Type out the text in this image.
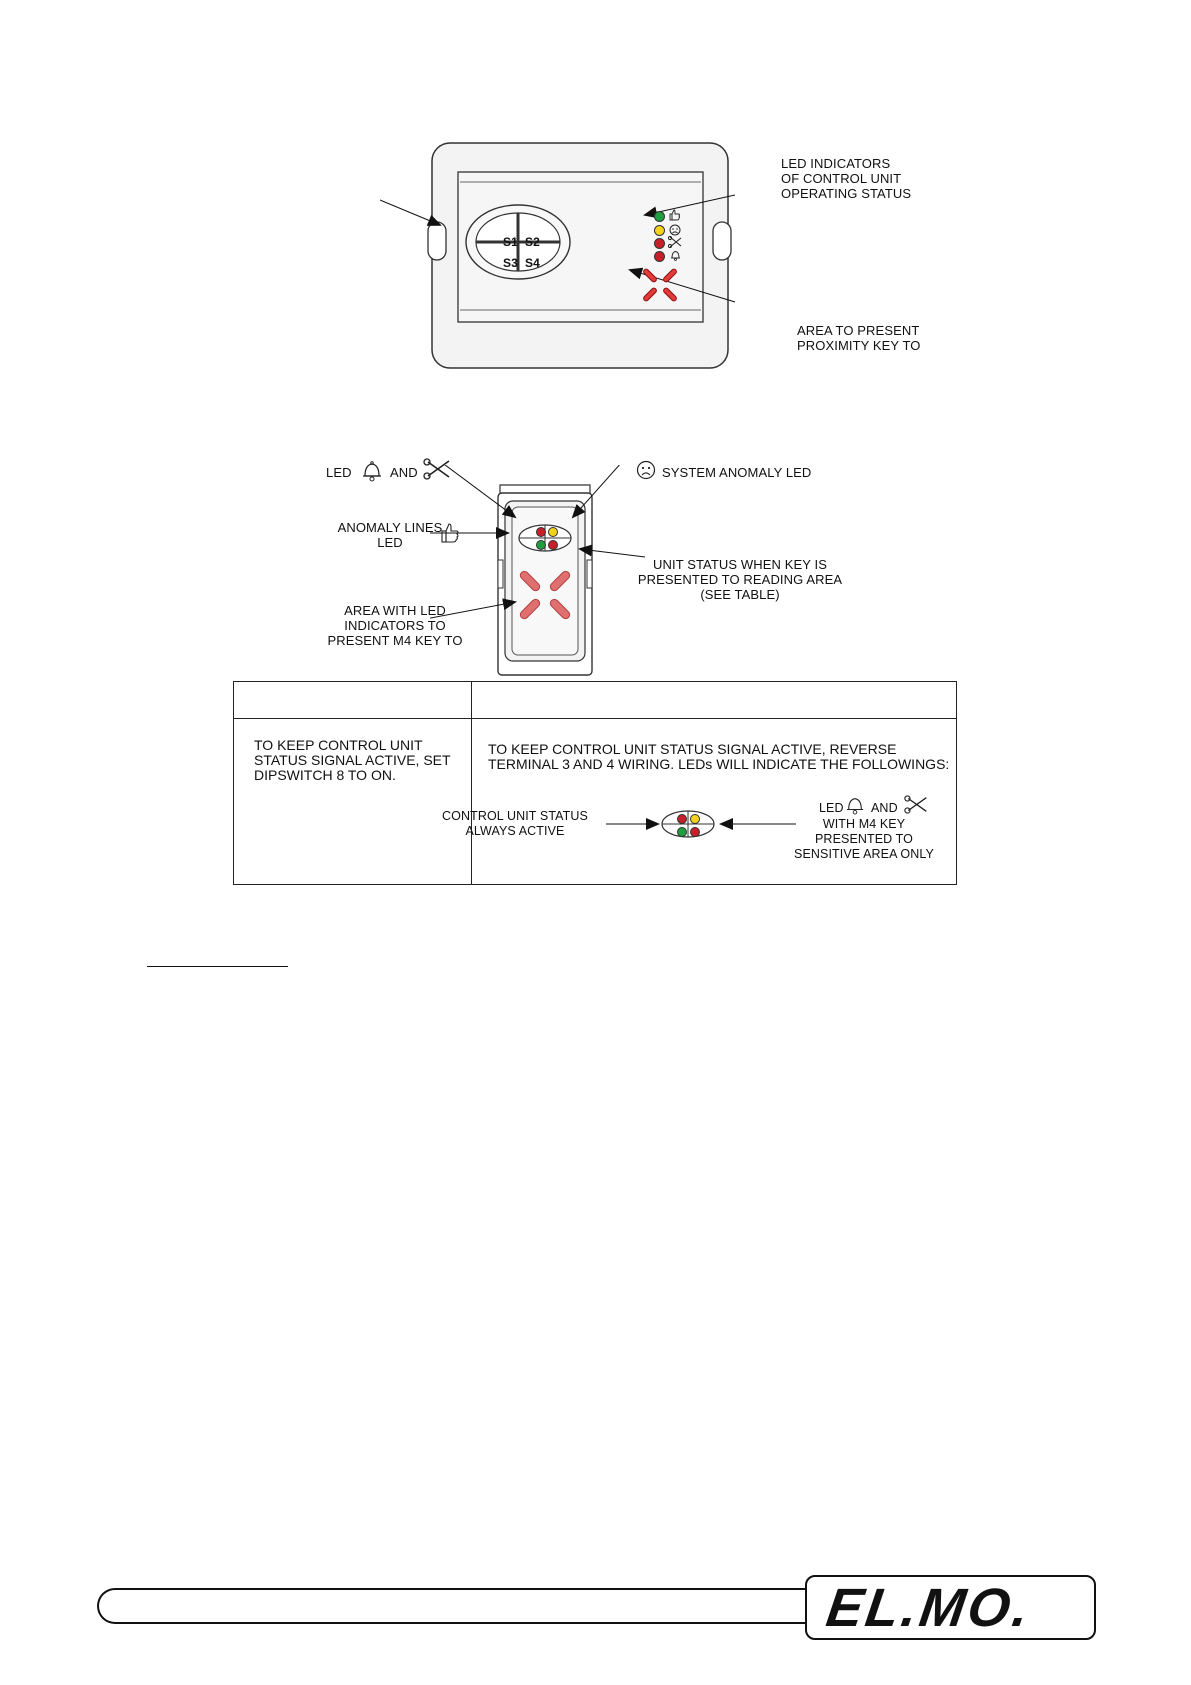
S1 S2
S3 S4
LED INDICATORS
OF CONTROL UNIT
OPERATING STATUS
AREA TO PRESENT
PROXIMITY KEY TO
LED	AND	SYSTEM ANOMALY LED
ANOMALY LINES
LED
UNIT STATUS WHEN KEY IS
PRESENTED TO READING AREA
(SEE TABLE)
AREA WITH LED
INDICATORS TO
PRESENT M4 KEY TO
TO KEEP CONTROL UNIT
STATUS SIGNAL ACTIVE, SET
DIPSWITCH 8 TO ON.
TO KEEP CONTROL UNIT STATUS SIGNAL ACTIVE, REVERSE
TERMINAL 3 AND 4 WIRING. LEDs WILL INDICATE THE FOLLOWINGS:
CONTROL UNIT STATUS
ALWAYS ACTIVE
LED AND
WITH M4 KEY
PRESENTED TO
SENSITIVE AREA ONLY
EL.MO.
